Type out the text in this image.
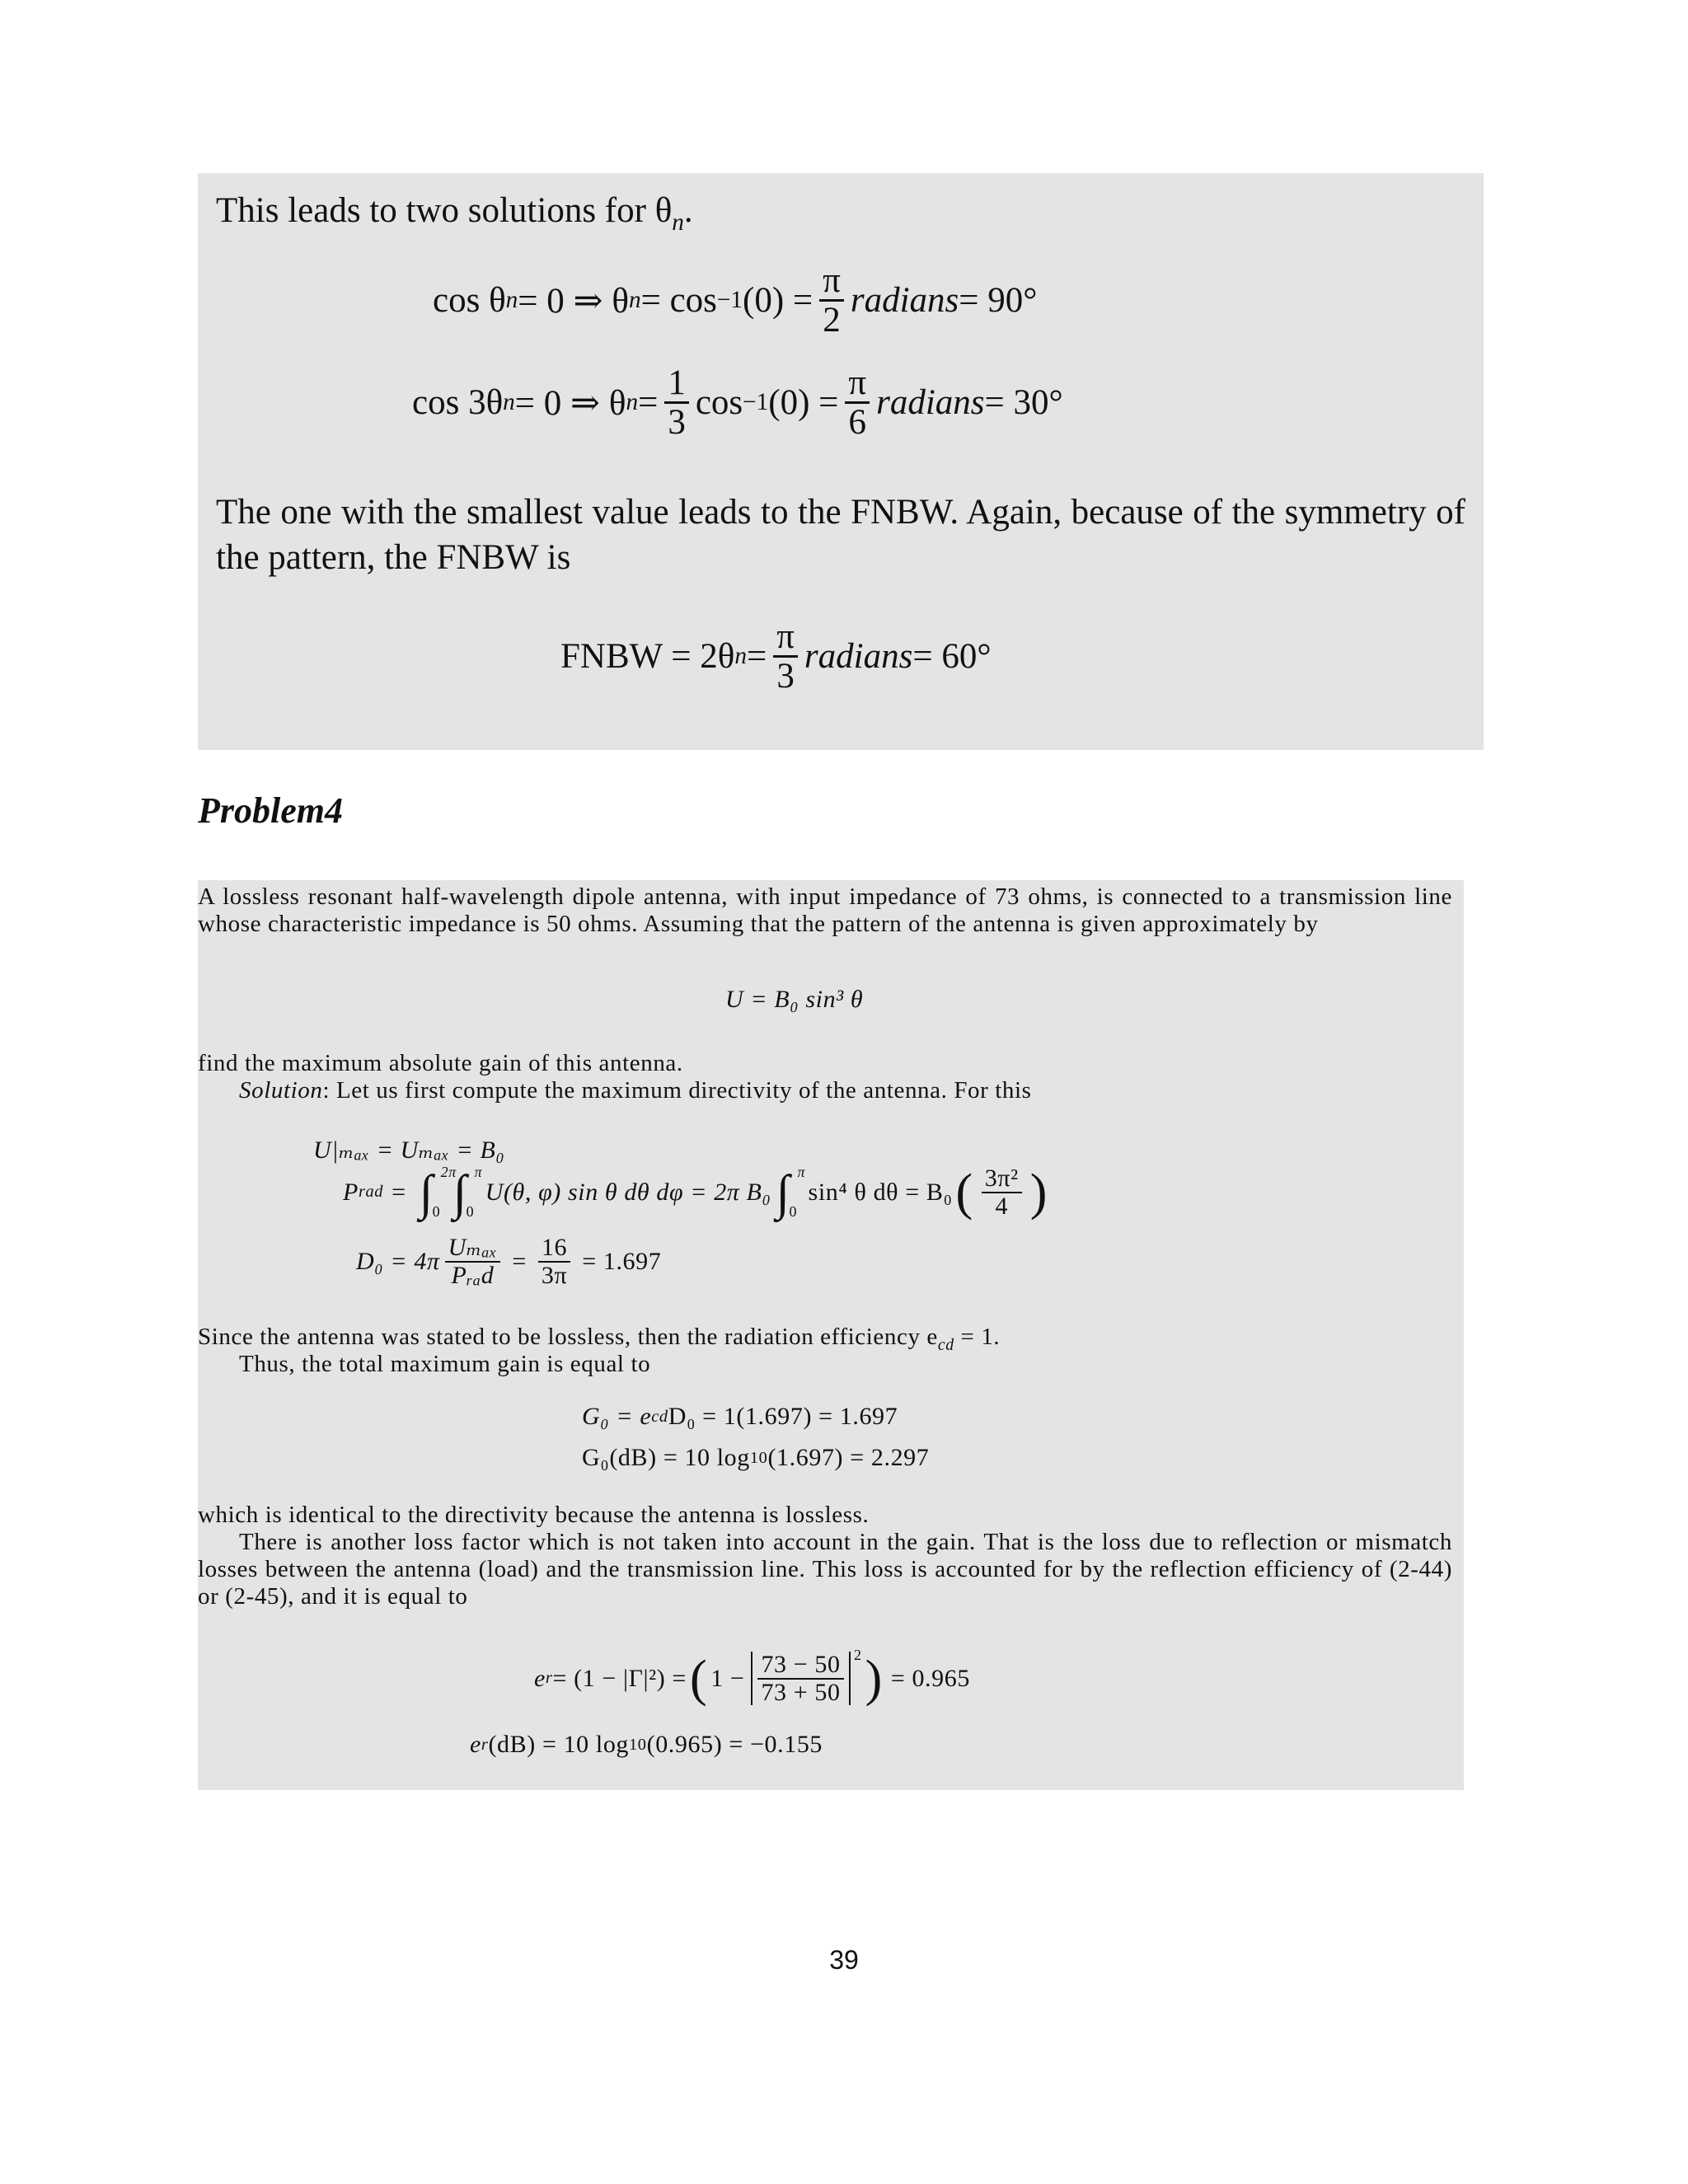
This leads to two solutions for $\theta_n$.
cos θ n = 0 ⇒ θ n = cos −1 $(0) = \frac{\pi}{2}$ radians = 90°
cos 3θ n = 0 ⇒ θ $n = \frac{1}{3}$ cos −1 $(0) = \frac{\pi}{6}$ radians = 30°
The one with the smallest value leads to the FNBW. Again, because of the symmetry of the pattern, the FNBW is
FNBW = 2θ $n = \frac{\pi}{3}$ radians = 60°
Problem4
A lossless resonant half-wavelength dipole antenna, with input impedance of 73 ohms, is connected to a transmission line whose characteristic impedance is 50 ohms. Assuming that the pattern of the antenna is given approximately by
U = B₀ sin³ θ
find the maximum absolute gain of this antenna.
Solution: Let us first compute the maximum directivity of the antenna. For this
U|ₘₐₓ = Uₘₐₓ = B₀
P rad = ∫ 2π
0 ∫ π
0
U(θ, φ) sin θ dθ dφ = 2π B₀ ∫ π
0
sin⁴ θ dθ = B₀ ( $\frac{\text{3π²}}{4}$ )
$D_0 = 4\pi \frac{\text{Uₘₐₓ}}{\text{Pᵣₐd}} = \frac{16}{3\pi} = 1.697$
Since the antenna was stated to be lossless, then the radiation efficiency $e_{cd} = 1$.
Thus, the total maximum gain is equal to
G₀ = e cd D₀ = 1(1.697) = 1.697
G₀(dB) = 10 log 10 (1.697) = 2.297
which is identical to the directivity because the antenna is lossless.
There is another loss factor which is not taken into account in the gain. That is the loss due to reflection or mismatch losses between the antenna (load) and the transmission line. This loss is accounted for by the reflection efficiency of (2-44) or (2-45), and it is equal to
e r = (1 − |Γ|²) = ( $1 - \frac{73 - 50}{73 + 50} 2$ ) = 0.965
e r (dB) = 10 log 10 (0.965) = −0.155
39
